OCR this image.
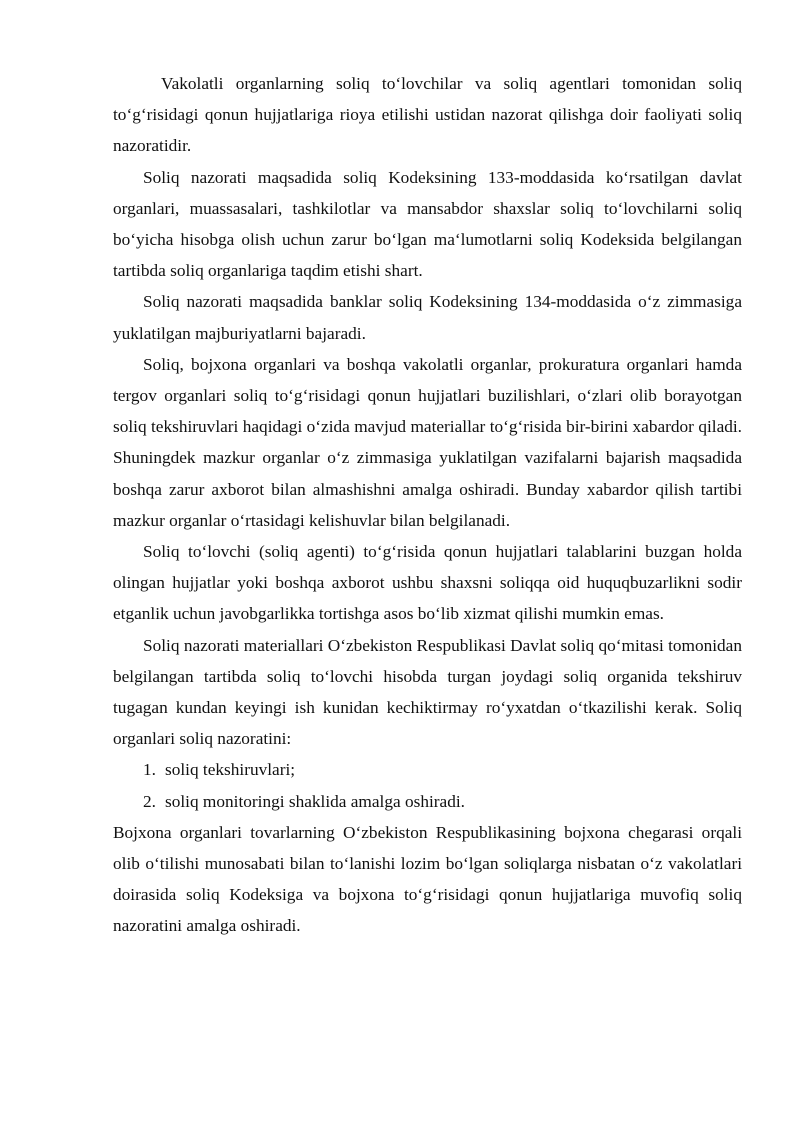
Vakolatli organlarning soliq to‘lovchilar va soliq agentlari tomonidan soliq to‘g‘risidagi qonun hujjatlariga rioya etilishi ustidan nazorat qilishga doir faoliyati soliq nazoratidir.

Soliq nazorati maqsadida soliq Kodeksining 133-moddasida ko‘rsatilgan davlat organlari, muassasalari, tashkilotlar va mansabdor shaxslar soliq to‘lovchilarni soliq bo‘yicha hisobga olish uchun zarur bo‘lgan ma‘lumotlarni soliq Kodeksida belgilangan tartibda soliq organlariga taqdim etishi shart.

Soliq nazorati maqsadida banklar soliq Kodeksining 134-moddasida o‘z zimmasiga yuklatilgan majburiyatlarni bajaradi.

Soliq, bojxona organlari va boshqa vakolatli organlar, prokuratura organlari hamda tergov organlari soliq to‘g‘risidagi qonun hujjatlari buzilishlari, o‘zlari olib borayotgan soliq tekshiruvlari haqidagi o‘zida mavjud materiallar to‘g‘risida bir-birini xabardor qiladi. Shuningdek mazkur organlar o‘z zimmasiga yuklatilgan vazifalarni bajarish maqsadida boshqa zarur axborot bilan almashishni amalga oshiradi. Bunday xabardor qilish tartibi mazkur organlar o‘rtasidagi kelishuvlar bilan belgilanadi.

Soliq to‘lovchi (soliq agenti) to‘g‘risida qonun hujjatlari talablarini buzgan holda olingan hujjatlar yoki boshqa axborot ushbu shaxsni soliqqa oid huquqbuzarlikni sodir etganlik uchun javobgarlikka tortishga asos bo‘lib xizmat qilishi mumkin emas.

Soliq nazorati materiallari O‘zbekiston Respublikasi Davlat soliq qo‘mitasi tomonidan belgilangan tartibda soliq to‘lovchi hisobda turgan joydagi soliq organida tekshiruv tugagan kundan keyingi ish kunidan kechiktirmay ro‘yxatdan o‘tkazilishi kerak. Soliq organlari soliq nazoratini:

1. soliq tekshiruvlari;
2. soliq monitoringi shaklida amalga oshiradi.

Bojxona organlari tovarlarning O‘zbekiston Respublikasining bojxona chegarasi orqali olib o‘tilishi munosabati bilan to‘lanishi lozim bo‘lgan soliqlarga nisbatan o‘z vakolatlari doirasida soliq Kodeksiga va bojxona to‘g‘risidagi qonun hujjatlariga muvofiq soliq nazoratini amalga oshiradi.
